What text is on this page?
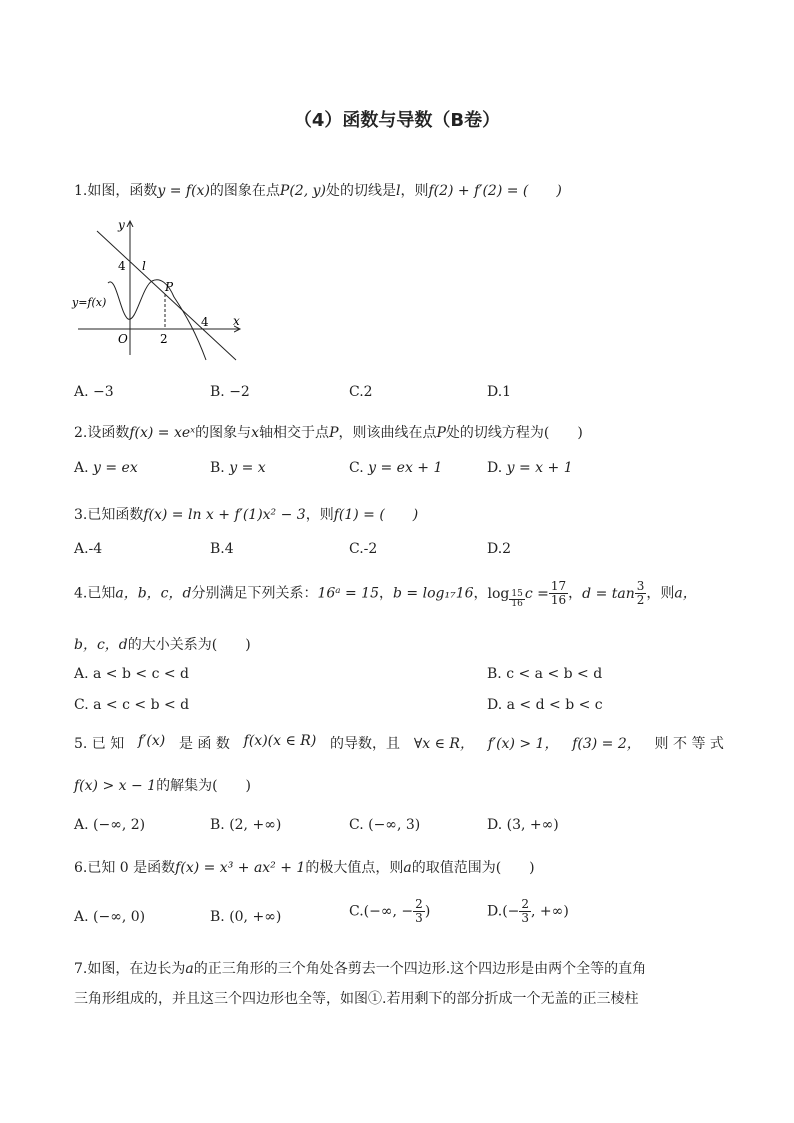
（4）函数与导数（B卷）
1.如图，函数y = f(x)的图象在点P(2, y)处的切线是l，则f(2) + f′(2) = (　　)
y
x
O
4
4
2
l
P
y=f(x)
A. −3	B. −2	C.2	D.1
2.设函数f(x) = xeˣ的图象与x轴相交于点P，则该曲线在点P处的切线方程为(　　)
A. y = ex	B. y = x	C. y = ex + 1	D. y = x + 1
3.已知函数f(x) = ln x + f′(1)x² − 3，则f(1) = (　　)
A.-4	B.4	C.-2	D.2
4.已知a，b，c，d分别满足下列关系：16ᵃ = 15，b = log₁₇16，$\log \frac{15}{16}$ $c = \frac{17}{16}$ ，$d = \tan \frac{3}{2}$ ，则a，
b，c，d的大小关系为(　　)
A. a < b < c < d	B. c < a < b < d
C. a < c < b < d	D. a < d < b < c
5. 已 知 f′(x) 是 函 数 f(x)(x ∈ R) 的导数，且 ∀x ∈ R， f′(x) > 1， f(3) = 2， 则 不 等 式
f(x) > x − 1的解集为(　　)
A. (−∞, 2)	B. (2, +∞)	C. (−∞, 3)	D. (3, +∞)
6.已知 0 是函数f(x) = x³ + ax² + 1的极大值点，则a的取值范围为(　　)
A. (−∞, 0)	B. (0, +∞)	C.(−∞, − $\frac{2}{3}$ )	$D.(- \frac{2}{3}$ , +∞)
7.如图，在边长为a的正三角形的三个角处各剪去一个四边形.这个四边形是由两个全等的直角
三角形组成的，并且这三个四边形也全等，如图①.若用剩下的部分折成一个无盖的正三棱柱
